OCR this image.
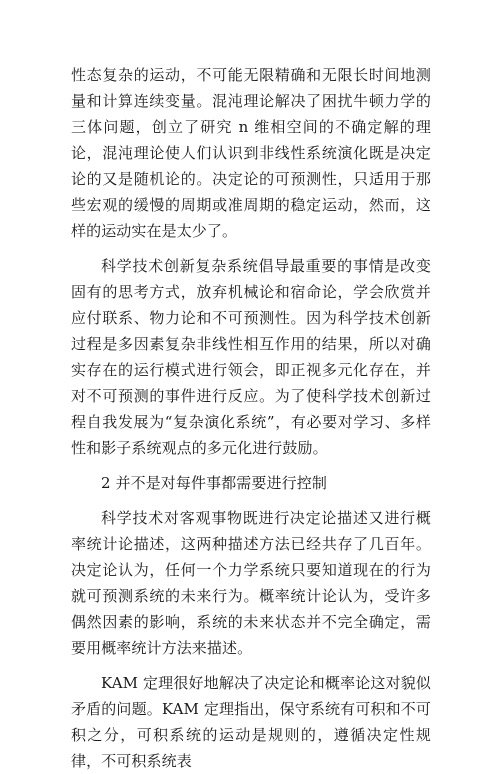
性态复杂的运动，不可能无限精确和无限长时间地测量和计算连续变量。混沌理论解决了困扰牛顿力学的三体问题，创立了研究 n 维相空间的不确定解的理论，混沌理论使人们认识到非线性系统演化既是决定论的又是随机论的。决定论的可预测性，只适用于那些宏观的缓慢的周期或准周期的稳定运动，然而，这样的运动实在是太少了。

科学技术创新复杂系统倡导最重要的事情是改变固有的思考方式，放弃机械论和宿命论，学会欣赏并应付联系、物力论和不可预测性。因为科学技术创新过程是多因素复杂非线性相互作用的结果，所以对确实存在的运行模式进行领会，即正视多元化存在，并对不可预测的事件进行反应。为了使科学技术创新过程自我发展为“复杂演化系统”，有必要对学习、多样性和影子系统观点的多元化进行鼓励。

2 并不是对每件事都需要进行控制

科学技术对客观事物既进行决定论描述又进行概率统计论描述，这两种描述方法已经共存了几百年。决定论认为，任何一个力学系统只要知道现在的行为就可预测系统的未来行为。概率统计论认为，受许多偶然因素的影响，系统的未来状态并不完全确定，需要用概率统计方法来描述。

KAM 定理很好地解决了决定论和概率论这对貌似矛盾的问题。KAM 定理指出，保守系统有可积和不可积之分，可积系统的运动是规则的，遵循决定性规律，不可积系统表
